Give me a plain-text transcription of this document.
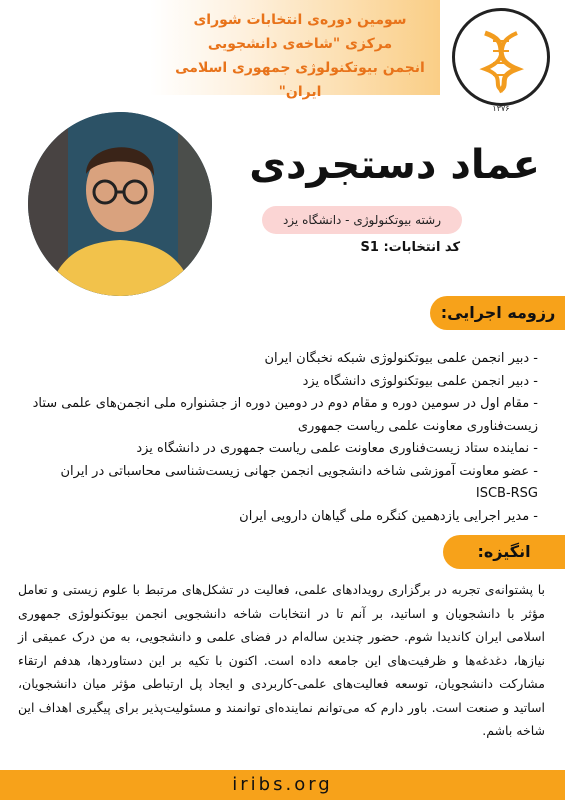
سومین دوره‌ی انتخابات شورای
مرکزی "شاخه‌ی دانشجویی
انجمن بیوتکنولوژی جمهوری اسلامی ایران"
۱۳۷۶
عماد دستجردی
رشته بیوتکنولوژی - دانشگاه یزد
کد انتخابات: S1
رزومه اجرایی:
- دبیر انجمن علمی بیوتکنولوژی شبکه نخبگان ایران
- دبیر انجمن علمی بیوتکنولوژی دانشگاه یزد
- مقام اول در سومین دوره و مقام دوم در دومین دوره از جشنواره ملی انجمن‌های علمی ستاد زیست‌فناوری معاونت علمی ریاست جمهوری
- نماینده ستاد زیست‌فناوری معاونت علمی ریاست جمهوری در دانشگاه یزد
- عضو معاونت آموزشی شاخه دانشجویی انجمن جهانی زیست‌شناسی محاسباتی در ایران ISCB-RSG
- مدیر اجرایی یازدهمین کنگره ملی گیاهان دارویی ایران
انگیزه:

با پشتوانه‌ی تجربه در برگزاری رویدادهای علمی، فعالیت در تشکل‌های مرتبط با علوم زیستی و تعامل مؤثر با دانشجویان و اساتید، بر آنم تا در انتخابات شاخه دانشجویی انجمن بیوتکنولوژی جمهوری اسلامی ایران کاندیدا شوم. حضور چندین ساله‌ام در فضای علمی و دانشجویی، به من درک عمیقی از نیازها، دغدغه‌ها و ظرفیت‌های این جامعه داده است. اکنون با تکیه بر این دستاوردها، هدفم ارتقاء مشارکت دانشجویان، توسعه فعالیت‌های علمی-کاربردی و ایجاد پل ارتباطی مؤثر میان دانشجویان، اساتید و صنعت است. باور دارم که می‌توانم نماینده‌ای توانمند و مسئولیت‌پذیر برای پیگیری اهداف این شاخه باشم.

iribs.org
